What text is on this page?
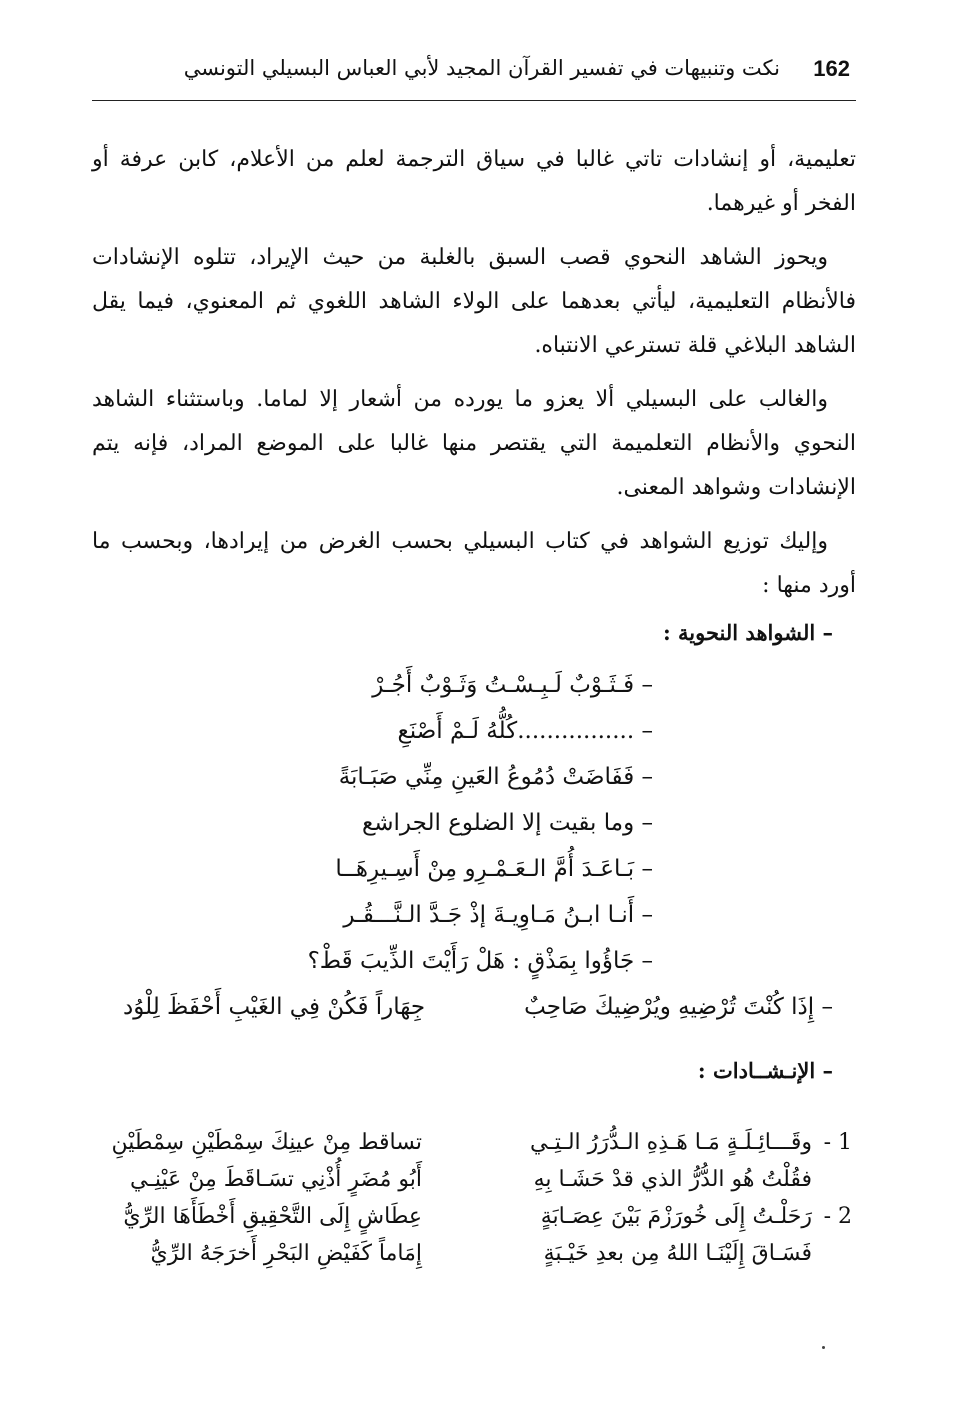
نكت وتنبيهات في تفسير القرآن المجيد لأبي العباس البسيلي التونسي 162

تعليمية، أو إنشادات تاتي غالبا في سياق الترجمة لعلم من الأعلام، كابن عرفة أو الفخر أو غيرهما.

ويحوز الشاهد النحوي قصب السبق بالغلبة من حيث الإيراد، تتلوه الإنشادات فالأنظام التعليمية، ليأتي بعدهما على الولاء الشاهد اللغوي ثم المعنوي، فيما يقل الشاهد البلاغي قلة تسترعي الانتباه.

والغالب على البسيلي ألا يعزو ما يورده من أشعار إلا لماما. وباستثناء الشاهد النحوي والأنظام التعلميمة التي يقتصر منها غالبا على الموضع المراد، فإنه يتم الإنشادات وشواهد المعنى.

وإليك توزيع الشواهد في كتاب البسيلي بحسب الغرض من إيرادها، وبحسب ما أورد منها :

– الشواهد النحوية :
– فَـثَـوْبٌ لَـبِـسْـتُ وَثَـوْبٌ أَجُـرْ
– ................كُلُّهُ لَـمْ أَصْنَعِ
– فَفَاضَتْ دُمُوعُ العَينِ مِنِّي صَبَـابَةً
– وما بقيت إلا الضلوع الجراشع
– بَـاعَـدَ أُمَّ الـعَـمْـرِو مِنْ أَسِـيرِهَــا
– أَنـا ابـنُ مَـاوِيـةَ إذْ جَـدَّ الـنَّـــقُـر
– جَاؤُوا بِمَذْقٍ : هَلْ رَأَيْتَ الذِّيبَ قَطْ؟
– إِذَا كُنْتَ تُرْضِيهِ ويُرْضِيكَ صَاحِبٌ
جِهَاراً فَكُنْ فِي الغَيْبِ أَحْفَظَ لِلْوُد
– الإنـشــادات :
1 -	وقَـــائِـلَـةٍ مَـا هَـذِهِ الـدُّرَرُ الـتِـي	تساقط مِنْ عينِكَ سِمْطَيْنِ سِمْطَيْنِ
	فقُلْتُ هُو الدُّرُّ الذي قدْ حَشَـا بِهِ	أَبُو مُضَرٍ أُذْنِي تسَـاقَطَ مِنْ عَيْنِـي
2 -	رَحَلْـتُ إِلَى خُورَزْمَ بَيْنَ عِصَـابَةٍ	عِطَاشٍ إِلَى التَّحْقِيقِ أَخْطَأَهَا الرِّيُّ
	فَسَـاقَ إِلَيْنَـا اللهُ مِن بعدِ خَيْـبَةٍ	إِمَاماً كَفَيْضِ البَحْرِ أَخرَجَهُ الرِّيُّ
